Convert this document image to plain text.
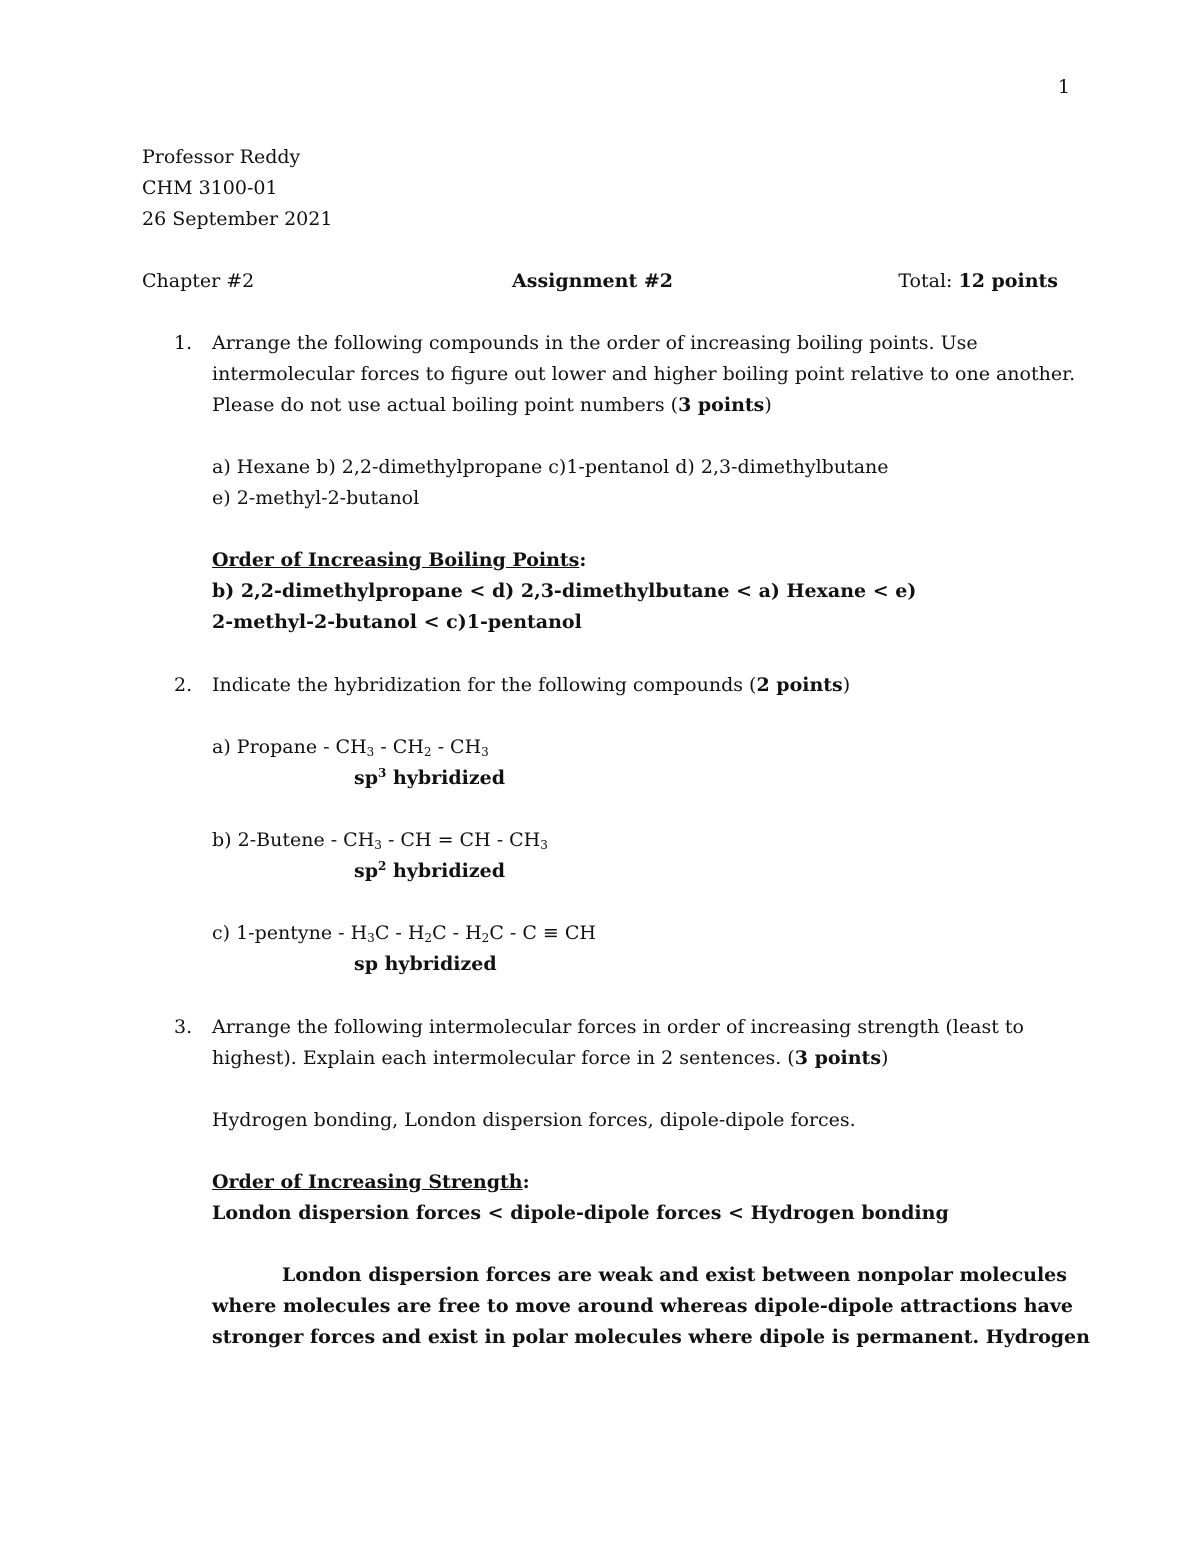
1
Professor Reddy
CHM 3100-01
26 September 2021
Chapter #2	Assignment #2	Total: 12 points
1. Arrange the following compounds in the order of increasing boiling points. Use
intermolecular forces to figure out lower and higher boiling point relative to one another.
Please do not use actual boiling point numbers (3 points)
a) Hexane b) 2,2-dimethylpropane c)1-pentanol d) 2,3-dimethylbutane
e) 2-methyl-2-butanol
Order of Increasing Boiling Points:
b) 2,2-dimethylpropane < d) 2,3-dimethylbutane < a) Hexane < e)
2-methyl-2-butanol < c)1-pentanol
2. Indicate the hybridization for the following compounds (2 points)
a) Propane - $CH_3 - CH_2 - CH_3$
$sp^3$ hybridized
b) 2-Butene - $CH_3$ - CH = CH - $CH_3$
$sp^2$ hybridized
c) 1-pentyne - $H_3C - H_2C - H_2C$ - C ≡ CH
sp hybridized
3. Arrange the following intermolecular forces in order of increasing strength (least to
highest). Explain each intermolecular force in 2 sentences. (3 points)
Hydrogen bonding, London dispersion forces, dipole-dipole forces.
Order of Increasing Strength:
London dispersion forces < dipole-dipole forces < Hydrogen bonding
London dispersion forces are weak and exist between nonpolar molecules
where molecules are free to move around whereas dipole-dipole attractions have
stronger forces and exist in polar molecules where dipole is permanent. Hydrogen
